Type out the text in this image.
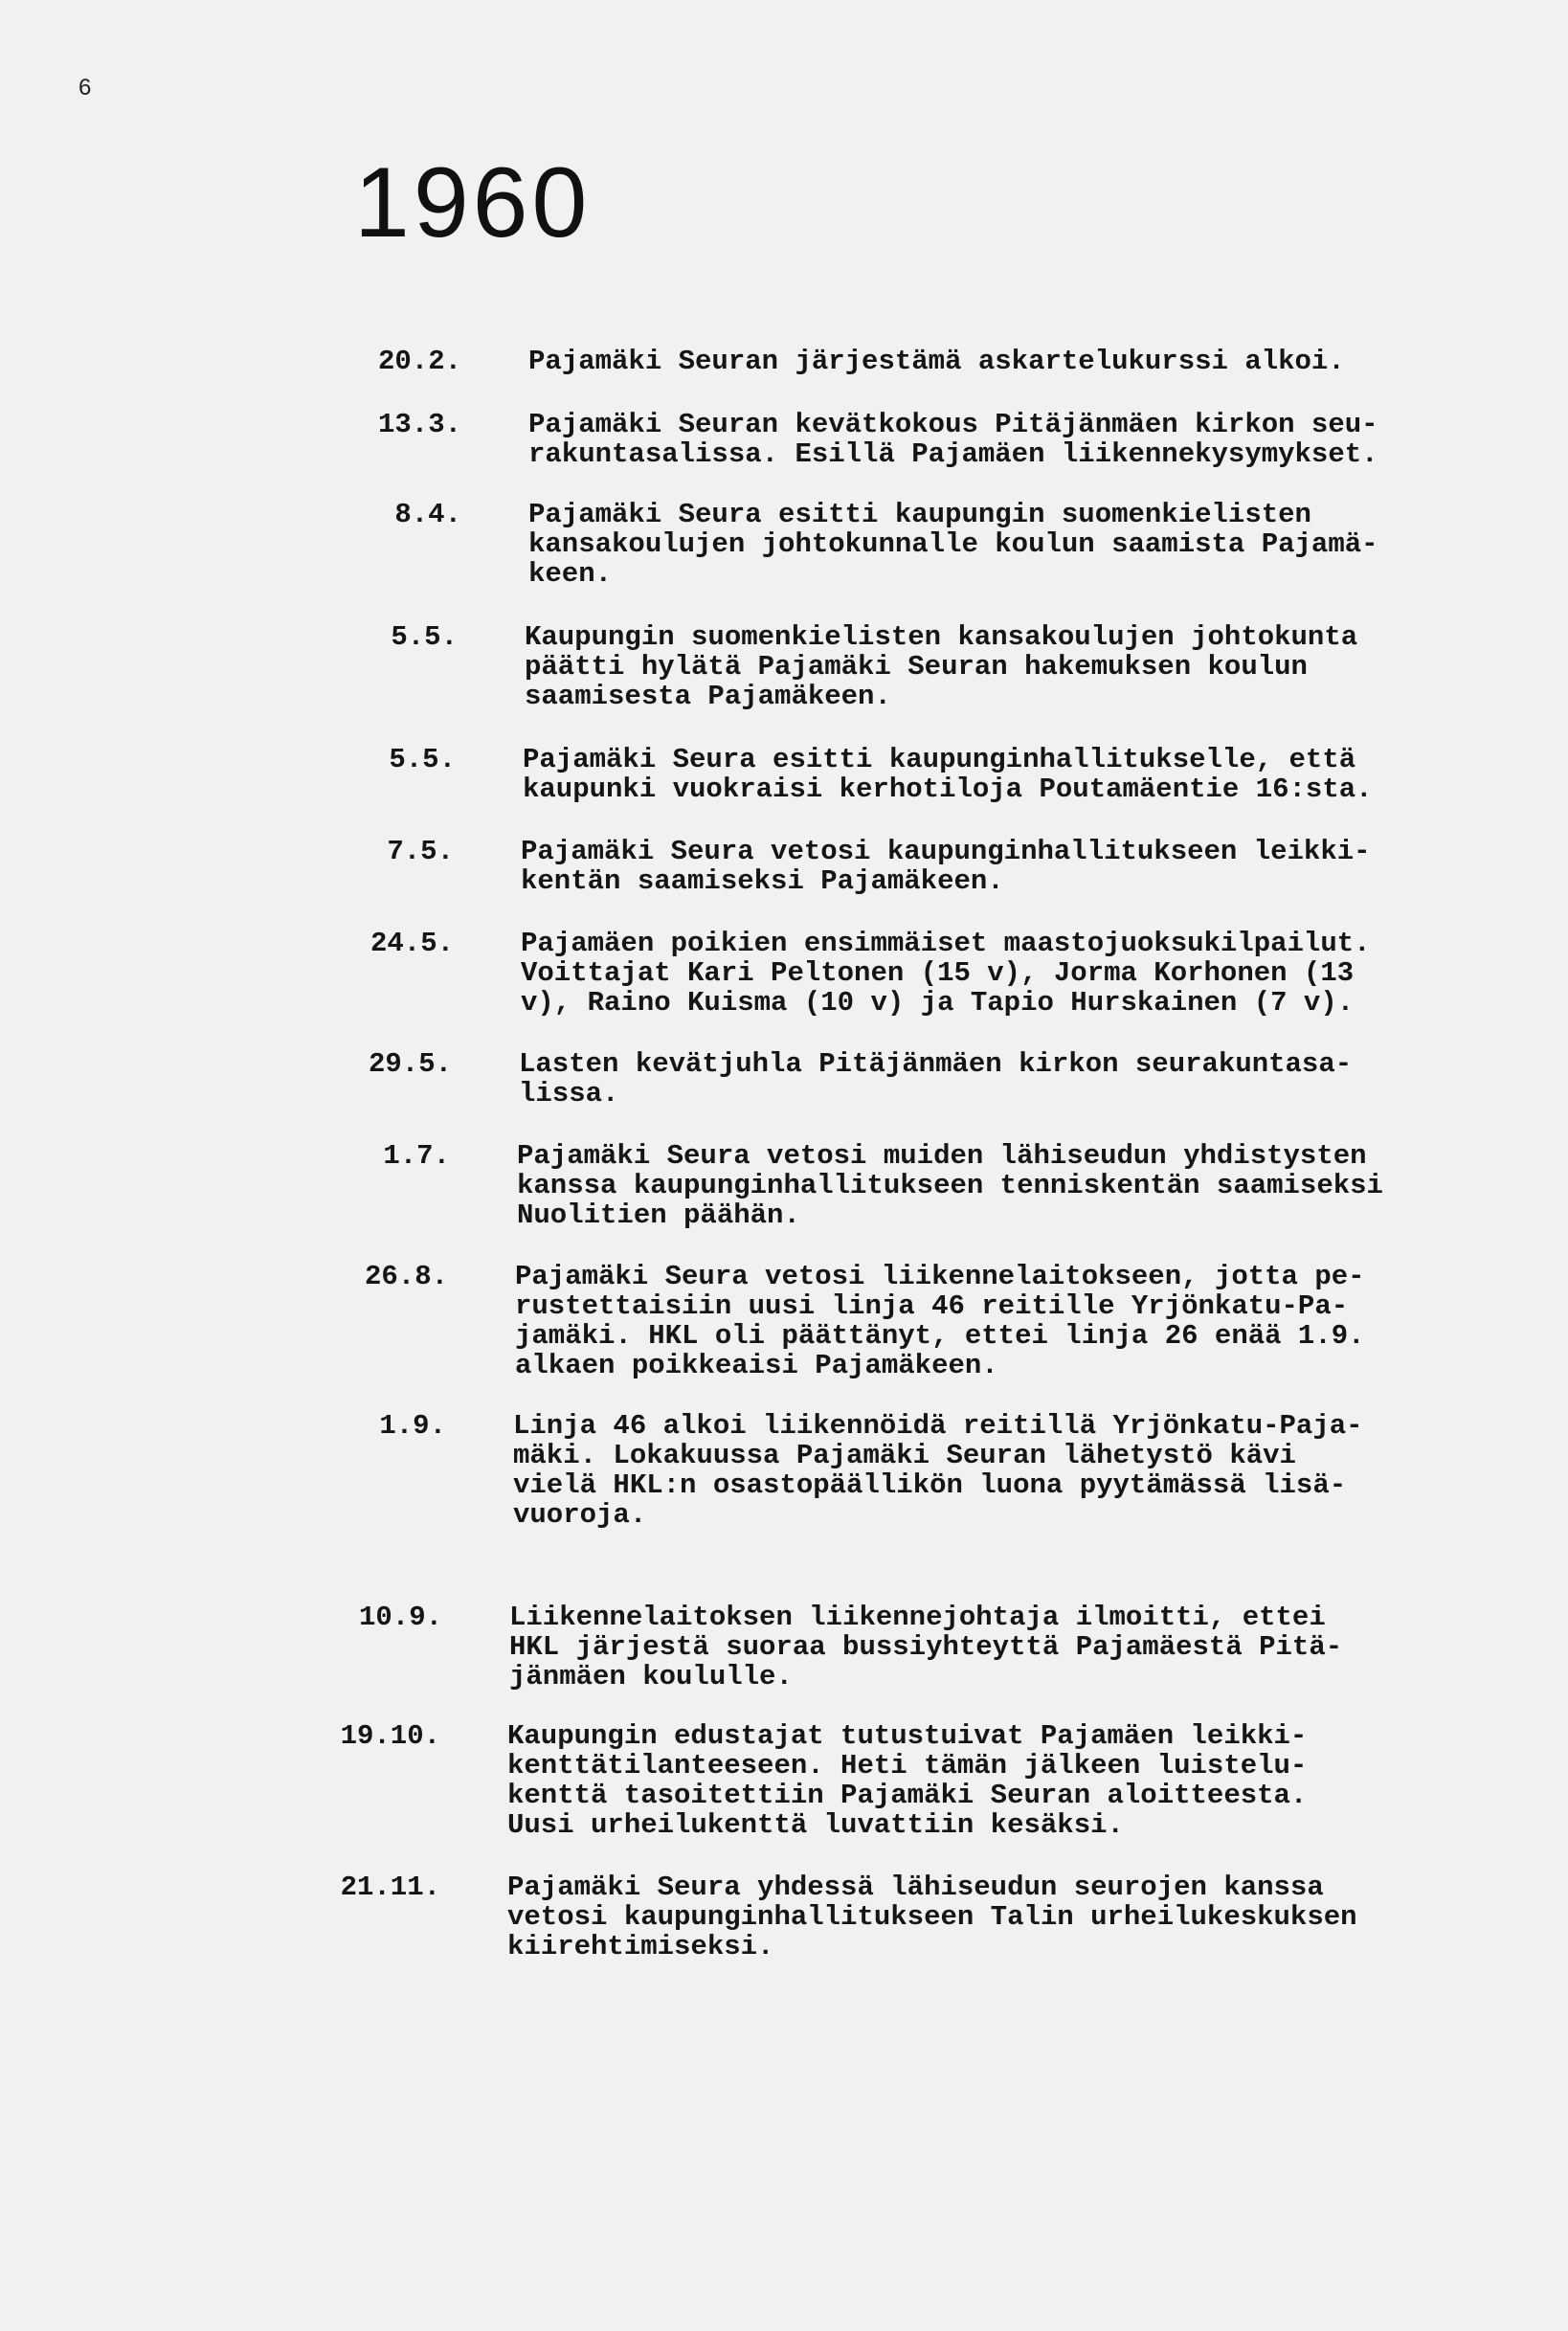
6
1960
20.2. Pajamäki Seuran järjestämä askartelukurssi alkoi.
13.3. Pajamäki Seuran kevätkokous Pitäjänmäen kirkon seu-
rakuntasalissa. Esillä Pajamäen liikennekysymykset.
8.4. Pajamäki Seura esitti kaupungin suomenkielisten
kansakoulujen johtokunnalle koulun saamista Pajamä-
keen.
5.5. Kaupungin suomenkielisten kansakoulujen johtokunta
päätti hylätä Pajamäki Seuran hakemuksen koulun
saamisesta Pajamäkeen.
5.5. Pajamäki Seura esitti kaupunginhallitukselle, että
kaupunki vuokraisi kerhotiloja Poutamäentie 16:sta.
7.5. Pajamäki Seura vetosi kaupunginhallitukseen leikki-
kentän saamiseksi Pajamäkeen.
24.5. Pajamäen poikien ensimmäiset maastojuoksukilpailut.
Voittajat Kari Peltonen (15 v), Jorma Korhonen (13
v), Raino Kuisma (10 v) ja Tapio Hurskainen (7 v).
29.5. Lasten kevätjuhla Pitäjänmäen kirkon seurakuntasa-
lissa.
1.7. Pajamäki Seura vetosi muiden lähiseudun yhdistysten
kanssa kaupunginhallitukseen tenniskentän saamiseksi
Nuolitien päähän.
26.8. Pajamäki Seura vetosi liikennelaitokseen, jotta pe-
rustettaisiin uusi linja 46 reitille Yrjönkatu-Pa-
jamäki. HKL oli päättänyt, ettei linja 26 enää 1.9.
alkaen poikkeaisi Pajamäkeen.
1.9. Linja 46 alkoi liikennöidä reitillä Yrjönkatu-Paja-
mäki. Lokakuussa Pajamäki Seuran lähetystö kävi
vielä HKL:n osastopäällikön luona pyytämässä lisä-
vuoroja.
10.9. Liikennelaitoksen liikennejohtaja ilmoitti, ettei
HKL järjestä suoraa bussiyhteyttä Pajamäestä Pitä-
jänmäen koululle.
19.10. Kaupungin edustajat tutustuivat Pajamäen leikki-
kenttätilanteeseen. Heti tämän jälkeen luistelu-
kenttä tasoitettiin Pajamäki Seuran aloitteesta.
Uusi urheilukenttä luvattiin kesäksi.
21.11. Pajamäki Seura yhdessä lähiseudun seurojen kanssa
vetosi kaupunginhallitukseen Talin urheilukeskuksen
kiirehtimiseksi.
